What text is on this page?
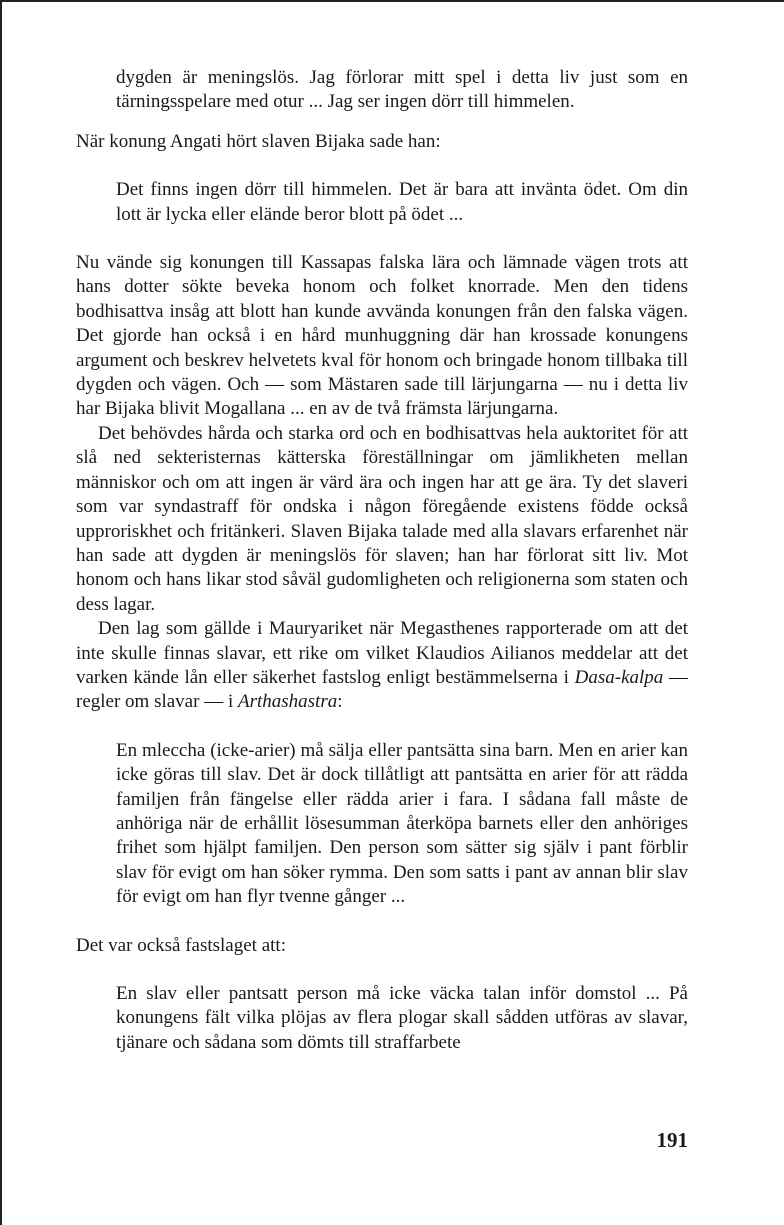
dygden är meningslös. Jag förlorar mitt spel i detta liv just som en tärningsspelare med otur ... Jag ser ingen dörr till himmelen.

När konung Angati hört slaven Bijaka sade han:

Det finns ingen dörr till himmelen. Det är bara att invänta ödet. Om din lott är lycka eller elände beror blott på ödet ...

Nu vände sig konungen till Kassapas falska lära och lämnade vägen trots att hans dotter sökte beveka honom och folket knorrade. Men den tidens bodhisattva insåg att blott han kunde avvända konungen från den falska vägen. Det gjorde han också i en hård munhuggning där han krossade konungens argument och beskrev helvetets kval för honom och bringade honom tillbaka till dygden och vägen. Och — som Mästaren sade till lärjungarna — nu i detta liv har Bijaka blivit Mogallana ... en av de två främsta lärjungarna.

Det behövdes hårda och starka ord och en bodhisattvas hela auktoritet för att slå ned sekteristernas kätterska föreställningar om jämlikheten mellan människor och om att ingen är värd ära och ingen har att ge ära. Ty det slaveri som var syndastraff för ondska i någon föregående existens födde också upproriskhet och fritänkeri. Slaven Bijaka talade med alla slavars erfarenhet när han sade att dygden är meningslös för slaven; han har förlorat sitt liv. Mot honom och hans likar stod såväl gudomligheten och religionerna som staten och dess lagar.

Den lag som gällde i Mauryariket när Megasthenes rapporterade om att det inte skulle finnas slavar, ett rike om vilket Klaudios Ailianos meddelar att det varken kände lån eller säkerhet fastslog enligt bestämmelserna i Dasa-kalpa — regler om slavar — i Arthashastra:

En mleccha (icke-arier) må sälja eller pantsätta sina barn. Men en arier kan icke göras till slav. Det är dock tillåtligt att pantsätta en arier för att rädda familjen från fängelse eller rädda arier i fara. I sådana fall måste de anhöriga när de erhållit lösesumman återköpa barnets eller den anhöriges frihet som hjälpt familjen. Den person som sätter sig själv i pant förblir slav för evigt om han söker rymma. Den som satts i pant av annan blir slav för evigt om han flyr tvenne gånger ...

Det var också fastslaget att:

En slav eller pantsatt person må icke väcka talan inför domstol ... På konungens fält vilka plöjas av flera plogar skall sådden utföras av slavar, tjänare och sådana som dömts till straffarbete

191
